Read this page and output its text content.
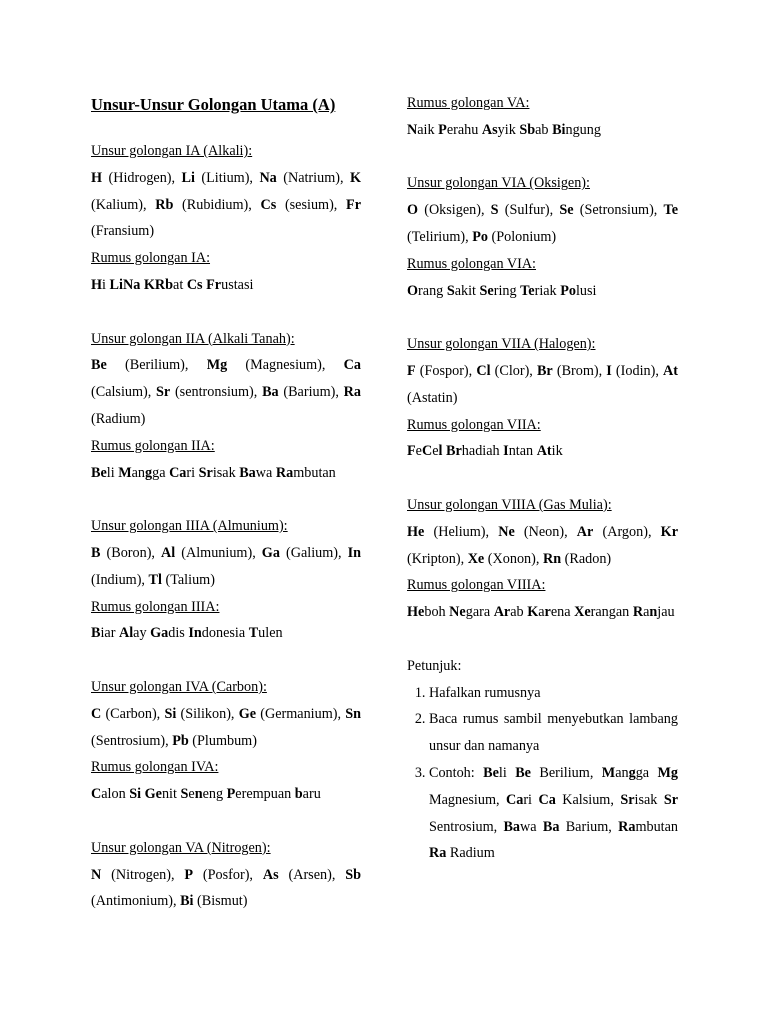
Unsur-Unsur Golongan Utama (A)

Unsur golongan IA (Alkali):

H (Hidrogen), Li (Litium), Na (Natrium), K (Kalium), Rb (Rubidium), Cs (sesium), Fr (Fransium)

Rumus golongan IA:

Hi LiNa KRbat Cs Frustasi

Unsur golongan IIA (Alkali Tanah):

Be (Berilium), Mg (Magnesium), Ca (Calsium), Sr (sentronsium), Ba (Barium), Ra (Radium)

Rumus golongan IIA:

Beli Mangga Cari Srisak Bawa Rambutan

Unsur golongan IIIA (Almunium):

B (Boron), Al (Almunium), Ga (Galium), In (Indium), Tl (Talium)

Rumus golongan IIIA:

Biar Alay Gadis Indonesia Tulen

Unsur golongan IVA (Carbon):

C (Carbon), Si (Silikon), Ge (Germanium), Sn (Sentrosium), Pb (Plumbum)

Rumus golongan IVA:

Calon Si Genit Seneng Perempuan baru

Unsur golongan VA (Nitrogen):

N (Nitrogen), P (Posfor), As (Arsen), Sb (Antimonium), Bi (Bismut)

Rumus golongan VA:

Naik Perahu Asyik Sbab Bingung

Unsur golongan VIA (Oksigen):

O (Oksigen), S (Sulfur), Se (Setronsium), Te (Telirium), Po (Polonium)

Rumus golongan VIA:

Orang Sakit Sering Teriak Polusi

Unsur golongan VIIA (Halogen):

F (Fospor), Cl (Clor), Br (Brom), I (Iodin), At (Astatin)

Rumus golongan VIIA:

FeCel Brhadiah Intan Atik

Unsur golongan VIIIA (Gas Mulia):

He (Helium), Ne (Neon), Ar (Argon), Kr (Kripton), Xe (Xonon), Rn (Radon)

Rumus golongan VIIIA:

Heboh Negara Arab Karena Xerangan Ranjau

Petunjuk:

1. Hafalkan rumusnya
2. Baca rumus sambil menyebutkan lambang unsur dan namanya
3. Contoh: Beli Be Berilium, Mangga Mg Magnesium, Cari Ca Kalsium, Srisak Sr Sentrosium, Bawa Ba Barium, Rambutan Ra Radium
